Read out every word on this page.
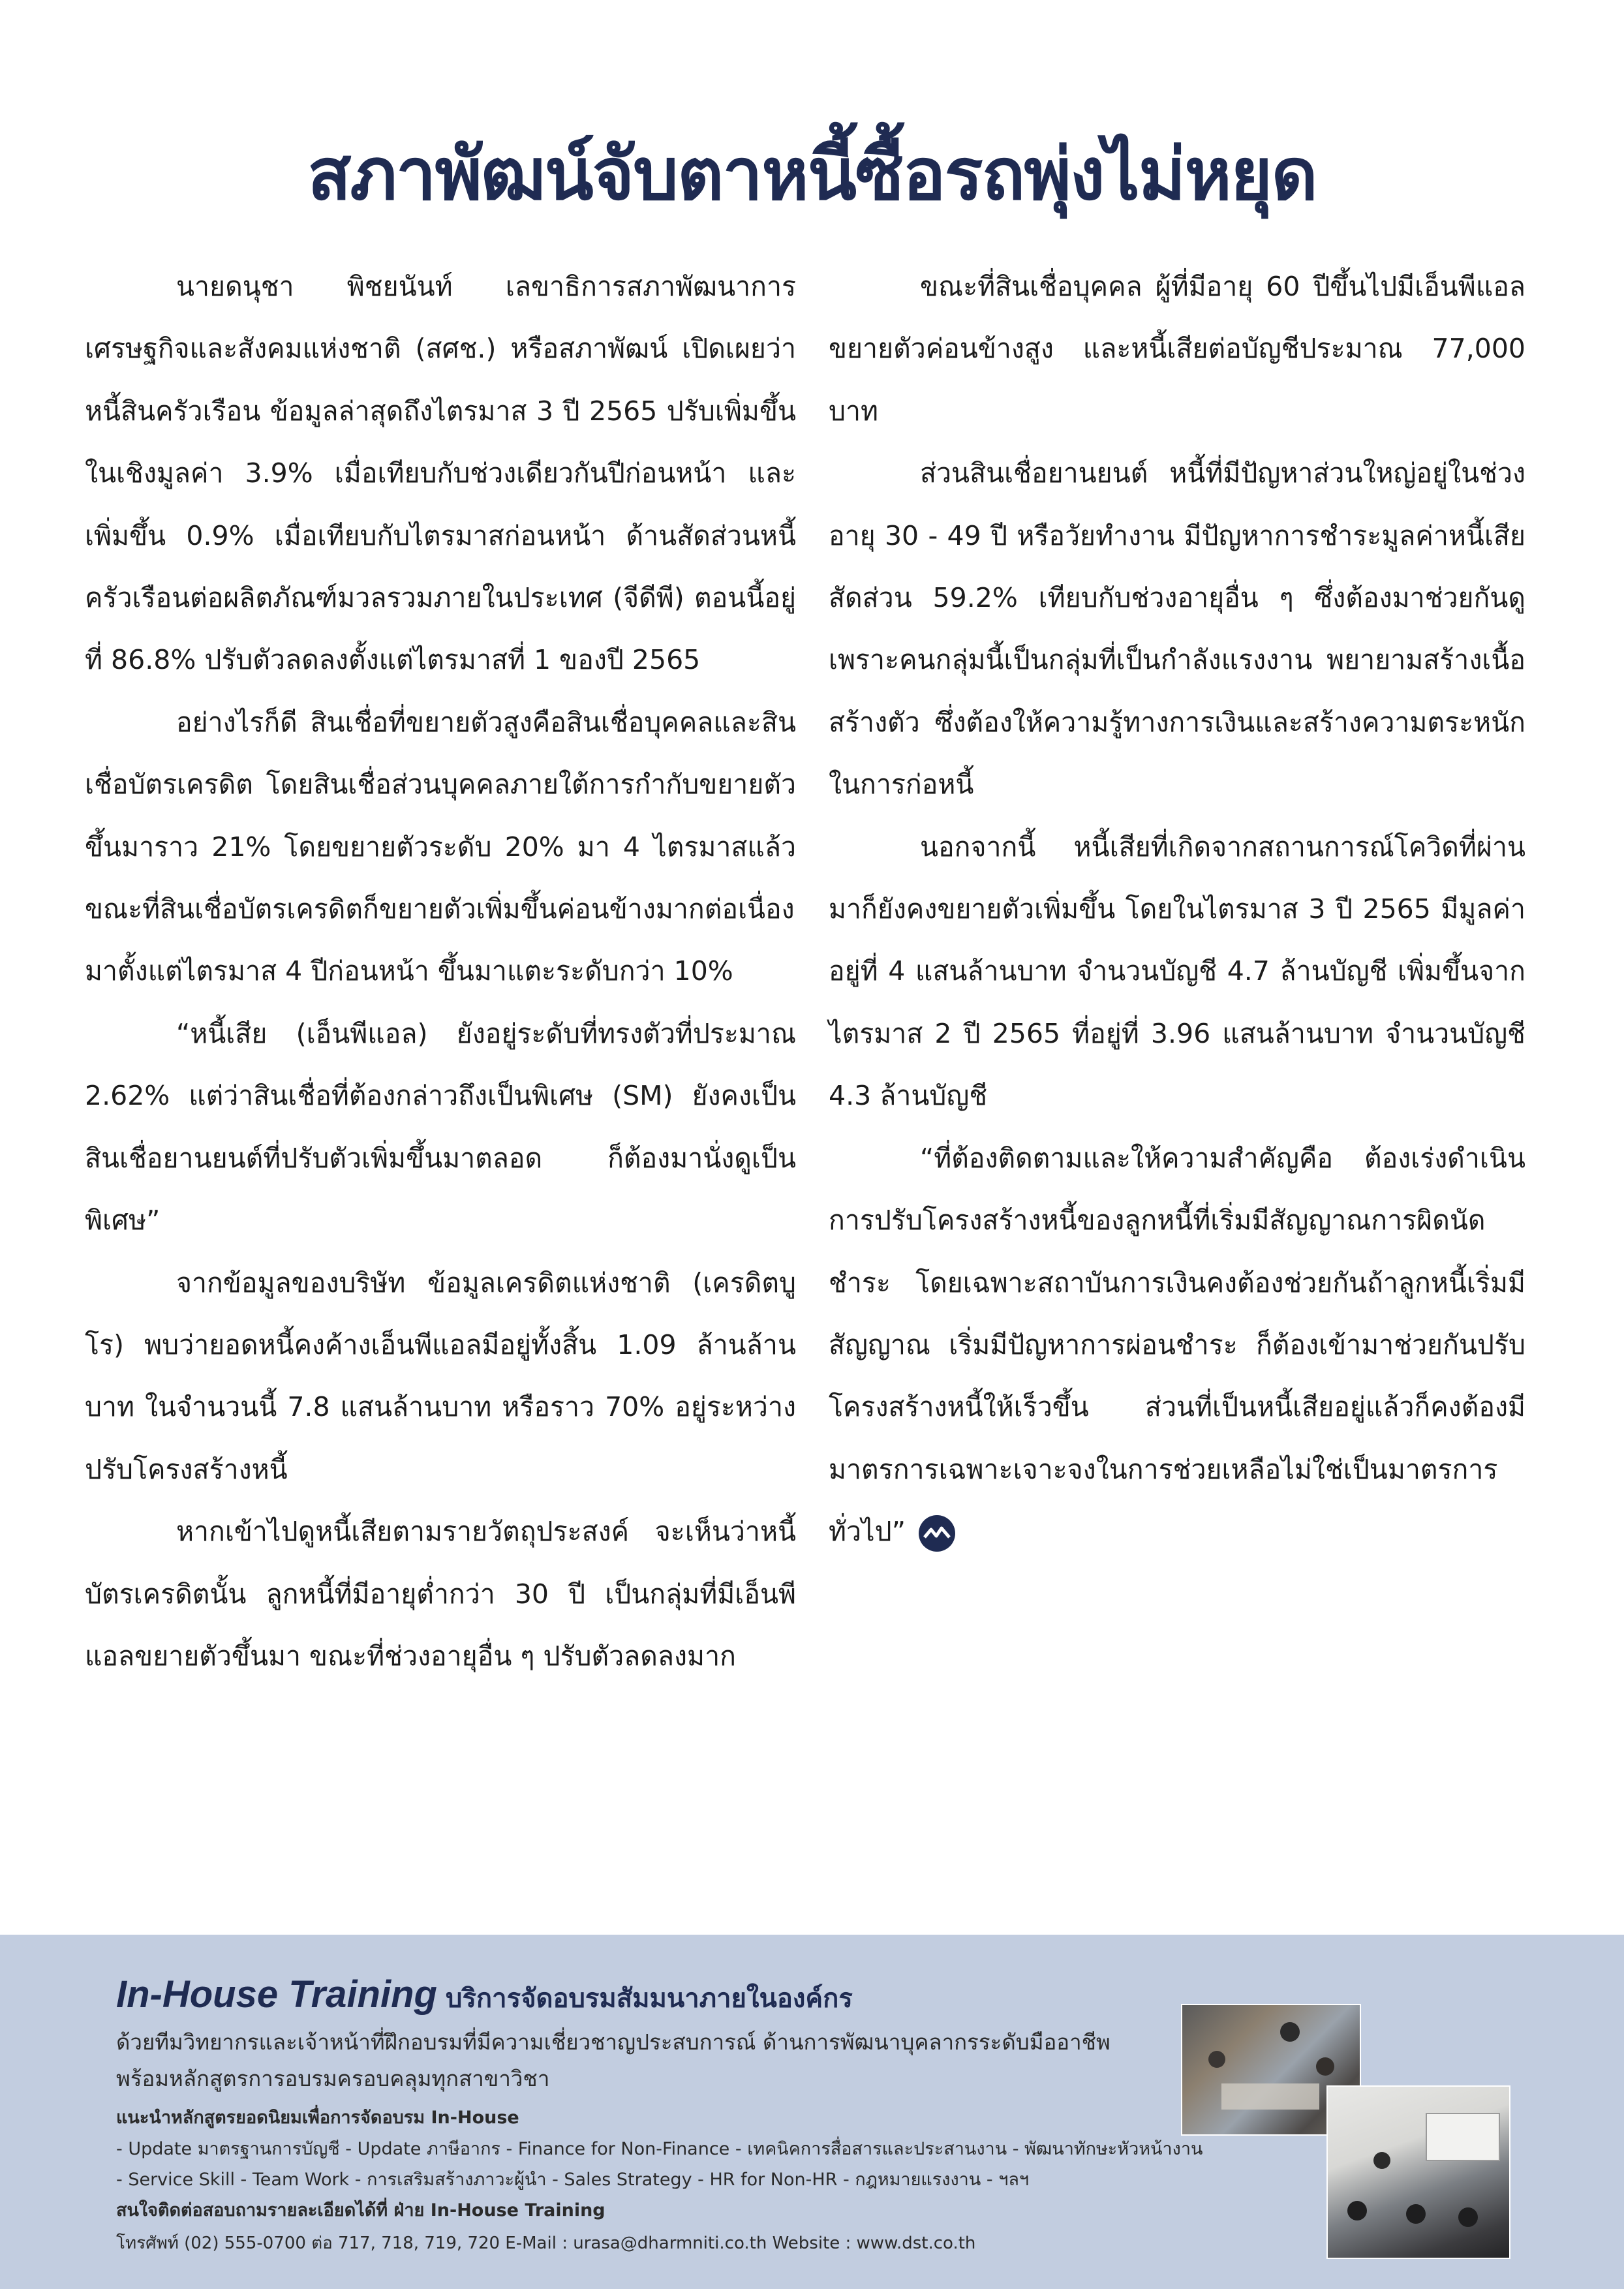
สภาพัฒน์จับตาหนี้ซื้อรถพุ่งไม่หยุด

นายดนุชา พิชยนันท์ เลขาธิการสภาพัฒนาการเศรษฐกิจและสังคมแห่งชาติ (สศช.) หรือสภาพัฒน์ เปิดเผยว่า หนี้สินครัวเรือน ข้อมูลล่าสุดถึงไตรมาส 3 ปี 2565 ปรับเพิ่มขึ้นในเชิงมูลค่า 3.9% เมื่อเทียบกับช่วงเดียวกันปีก่อนหน้า และเพิ่มขึ้น 0.9% เมื่อเทียบกับไตรมาสก่อนหน้า ด้านสัดส่วนหนี้ครัวเรือนต่อผลิตภัณฑ์มวลรวมภายในประเทศ (จีดีพี) ตอนนี้อยู่ที่ 86.8% ปรับตัวลดลงตั้งแต่ไตรมาสที่ 1 ของปี 2565

อย่างไรก็ดี สินเชื่อที่ขยายตัวสูงคือสินเชื่อบุคคลและสินเชื่อบัตรเครดิต โดยสินเชื่อส่วนบุคคลภายใต้การกำกับขยายตัวขึ้นมาราว 21% โดยขยายตัวระดับ 20% มา 4 ไตรมาสแล้ว ขณะที่สินเชื่อบัตรเครดิตก็ขยายตัวเพิ่มขึ้นค่อนข้างมากต่อเนื่องมาตั้งแต่ไตรมาส 4 ปีก่อนหน้า ขึ้นมาแตะระดับกว่า 10%

“หนี้เสีย (เอ็นพีแอล) ยังอยู่ระดับที่ทรงตัวที่ประมาณ 2.62% แต่ว่าสินเชื่อที่ต้องกล่าวถึงเป็นพิเศษ (SM) ยังคงเป็นสินเชื่อยานยนต์ที่ปรับตัวเพิ่มขึ้นมาตลอด ก็ต้องมานั่งดูเป็นพิเศษ”

จากข้อมูลของบริษัท ข้อมูลเครดิตแห่งชาติ (เครดิตบูโร) พบว่ายอดหนี้คงค้างเอ็นพีแอลมีอยู่ทั้งสิ้น 1.09 ล้านล้านบาท ในจำนวนนี้ 7.8 แสนล้านบาท หรือราว 70% อยู่ระหว่างปรับโครงสร้างหนี้

หากเข้าไปดูหนี้เสียตามรายวัตถุประสงค์ จะเห็นว่าหนี้บัตรเครดิตนั้น ลูกหนี้ที่มีอายุต่ำกว่า 30 ปี เป็นกลุ่มที่มีเอ็นพีแอลขยายตัวขึ้นมา ขณะที่ช่วงอายุอื่น ๆ ปรับตัวลดลงมาก

ขณะที่สินเชื่อบุคคล ผู้ที่มีอายุ 60 ปีขึ้นไปมีเอ็นพีแอลขยายตัวค่อนข้างสูง และหนี้เสียต่อบัญชีประมาณ 77,000 บาท

ส่วนสินเชื่อยานยนต์ หนี้ที่มีปัญหาส่วนใหญ่อยู่ในช่วงอายุ 30 - 49 ปี หรือวัยทำงาน มีปัญหาการชำระมูลค่าหนี้เสียสัดส่วน 59.2% เทียบกับช่วงอายุอื่น ๆ ซึ่งต้องมาช่วยกันดู เพราะคนกลุ่มนี้เป็นกลุ่มที่เป็นกำลังแรงงาน พยายามสร้างเนื้อสร้างตัว ซึ่งต้องให้ความรู้ทางการเงินและสร้างความตระหนักในการก่อหนี้

นอกจากนี้ หนี้เสียที่เกิดจากสถานการณ์โควิดที่ผ่านมาก็ยังคงขยายตัวเพิ่มขึ้น โดยในไตรมาส 3 ปี 2565 มีมูลค่าอยู่ที่ 4 แสนล้านบาท จำนวนบัญชี 4.7 ล้านบัญชี เพิ่มขึ้นจากไตรมาส 2 ปี 2565 ที่อยู่ที่ 3.96 แสนล้านบาท จำนวนบัญชี 4.3 ล้านบัญชี

“ที่ต้องติดตามและให้ความสำคัญคือ ต้องเร่งดำเนินการปรับโครงสร้างหนี้ของลูกหนี้ที่เริ่มมีสัญญาณการผิดนัดชำระ โดยเฉพาะสถาบันการเงินคงต้องช่วยกันถ้าลูกหนี้เริ่มมีสัญญาณ เริ่มมีปัญหาการผ่อนชำระ ก็ต้องเข้ามาช่วยกันปรับโครงสร้างหนี้ให้เร็วขึ้น ส่วนที่เป็นหนี้เสียอยู่แล้วก็คงต้องมีมาตรการเฉพาะเจาะจงในการช่วยเหลือไม่ใช่เป็นมาตรการทั่วไป”

In-House Training บริการจัดอบรมสัมมนาภายในองค์กร
ด้วยทีมวิทยากรและเจ้าหน้าที่ฝึกอบรมที่มีความเชี่ยวชาญประสบการณ์ ด้านการพัฒนาบุคลากรระดับมืออาชีพ
พร้อมหลักสูตรการอบรมครอบคลุมทุกสาขาวิชา
แนะนำหลักสูตรยอดนิยมเพื่อการจัดอบรม In-House
- Update มาตรฐานการบัญชี - Update ภาษีอากร - Finance for Non-Finance - เทคนิคการสื่อสารและประสานงาน - พัฒนาทักษะหัวหน้างาน
- Service Skill - Team Work - การเสริมสร้างภาวะผู้นำ - Sales Strategy - HR for Non-HR - กฎหมายแรงงาน - ฯลฯ
สนใจติดต่อสอบถามรายละเอียดได้ที่ ฝ่าย In-House Training
โทรศัพท์ (02) 555-0700 ต่อ 717, 718, 719, 720 E-Mail : urasa@dharmniti.co.th Website : www.dst.co.th
